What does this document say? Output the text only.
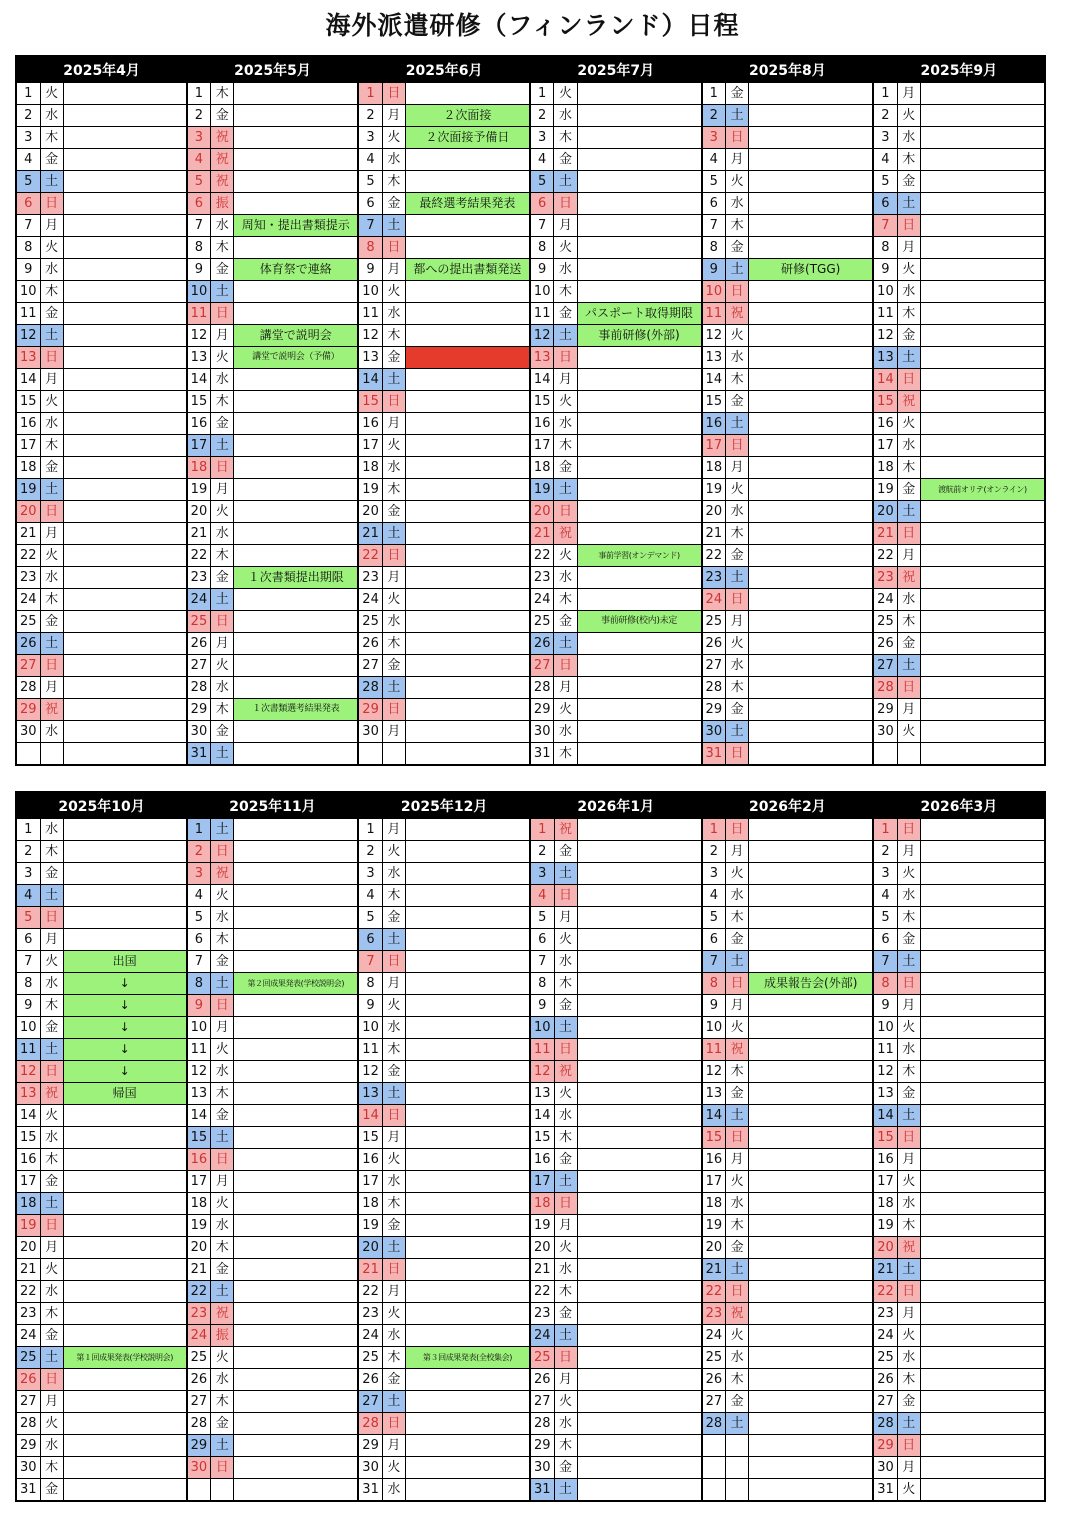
海外派遣研修（フィンランド）日程
2025年4月			2025年5月			2025年6月			2025年7月			2025年8月			2025年9月		
1	火		1	木		1	日		1	火		1	金		1	月	
2	水		2	金		2	月	２次面接	2	水		2	土		2	火	
3	木		3	祝		3	火	２次面接予備日	3	木		3	日		3	水	
4	金		4	祝		4	水		4	金		4	月		4	木	
5	土		5	祝		5	木		5	土		5	火		5	金	
6	日		6	振		6	金	最終選考結果発表	6	日		6	水		6	土	
7	月		7	水	周知・提出書類提示	7	土		7	月		7	木		7	日	
8	火		8	木		8	日		8	火		8	金		8	月	
9	水		9	金	体育祭で連絡	9	月	都への提出書類発送	9	水		9	土	研修(TGG)	9	火	
10	木		10	土		10	火		10	木		10	日		10	水	
11	金		11	日		11	水		11	金	パスポート取得期限	11	祝		11	木	
12	土		12	月	講堂で説明会	12	木		12	土	事前研修(外部)	12	火		12	金	
13	日		13	火	講堂で説明会（予備）	13	金		13	日		13	水		13	土	
14	月		14	水		14	土		14	月		14	木		14	日	
15	火		15	木		15	日		15	火		15	金		15	祝	
16	水		16	金		16	月		16	水		16	土		16	火	
17	木		17	土		17	火		17	木		17	日		17	水	
18	金		18	日		18	水		18	金		18	月		18	木	
19	土		19	月		19	木		19	土		19	火		19	金	渡航前オリテ(オンライン)
20	日		20	火		20	金		20	日		20	水		20	土	
21	月		21	水		21	土		21	祝		21	木		21	日	
22	火		22	木		22	日		22	火	事前学習(オンデマンド)	22	金		22	月	
23	水		23	金	１次書類提出期限	23	月		23	水		23	土		23	祝	
24	木		24	土		24	火		24	木		24	日		24	水	
25	金		25	日		25	水		25	金	事前研修(校内)未定	25	月		25	木	
26	土		26	月		26	木		26	土		26	火		26	金	
27	日		27	火		27	金		27	日		27	水		27	土	
28	月		28	水		28	土		28	月		28	木		28	日	
29	祝		29	木	１次書類選考結果発表	29	日		29	火		29	金		29	月	
30	水		30	金		30	月		30	水		30	土		30	火	
			31	土					31	木		31	日				
2025年10月			2025年11月			2025年12月			2026年1月			2026年2月			2026年3月		
1	水		1	土		1	月		1	祝		1	日		1	日	
2	木		2	日		2	火		2	金		2	月		2	月	
3	金		3	祝		3	水		3	土		3	火		3	火	
4	土		4	火		4	木		4	日		4	水		4	水	
5	日		5	水		5	金		5	月		5	木		5	木	
6	月		6	木		6	土		6	火		6	金		6	金	
7	火	出国	7	金		7	日		7	水		7	土		7	土	
8	水	↓	8	土	第２回成果発表(学校説明会)	8	月		8	木		8	日	成果報告会(外部)	8	日	
9	木	↓	9	日		9	火		9	金		9	月		9	月	
10	金	↓	10	月		10	水		10	土		10	火		10	火	
11	土	↓	11	火		11	木		11	日		11	祝		11	水	
12	日	↓	12	水		12	金		12	祝		12	木		12	木	
13	祝	帰国	13	木		13	土		13	火		13	金		13	金	
14	火		14	金		14	日		14	水		14	土		14	土	
15	水		15	土		15	月		15	木		15	日		15	日	
16	木		16	日		16	火		16	金		16	月		16	月	
17	金		17	月		17	水		17	土		17	火		17	火	
18	土		18	火		18	木		18	日		18	水		18	水	
19	日		19	水		19	金		19	月		19	木		19	木	
20	月		20	木		20	土		20	火		20	金		20	祝	
21	火		21	金		21	日		21	水		21	土		21	土	
22	水		22	土		22	月		22	木		22	日		22	日	
23	木		23	祝		23	火		23	金		23	祝		23	月	
24	金		24	振		24	水		24	土		24	火		24	火	
25	土	第１回成果発表(学校説明会)	25	火		25	木	第３回成果発表(全校集会)	25	日		25	水		25	水	
26	日		26	水		26	金		26	月		26	木		26	木	
27	月		27	木		27	土		27	火		27	金		27	金	
28	火		28	金		28	日		28	水		28	土		28	土	
29	水		29	土		29	月		29	木					29	日	
30	木		30	日		30	火		30	金					30	月	
31	金					31	水		31	土					31	火	
